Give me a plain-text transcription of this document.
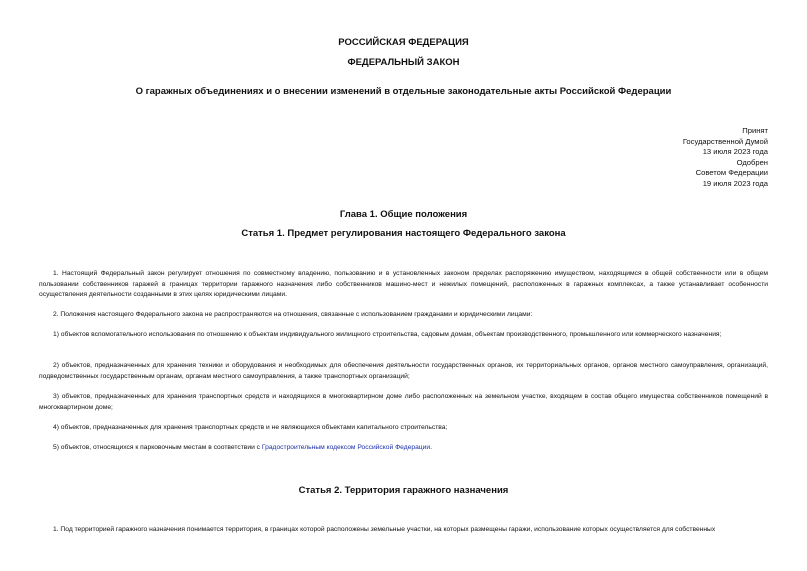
РОССИЙСКАЯ ФЕДЕРАЦИЯ
ФЕДЕРАЛЬНЫЙ ЗАКОН
О гаражных объединениях и о внесении изменений в отдельные законодательные акты Российской Федерации
Принят
Государственной Думой
13 июля 2023 года
Одобрен
Советом Федерации
19 июля 2023 года
Глава 1. Общие положения
Статья 1. Предмет регулирования настоящего Федерального закона
1. Настоящий Федеральный закон регулирует отношения по совместному владению, пользованию и в установленных законом пределах распоряжению имуществом, находящимся в общей собственности или в общем пользовании собственников гаражей в границах территории гаражного назначения либо собственников машино-мест и нежилых помещений, расположенных в гаражных комплексах, а также устанавливает особенности осуществления деятельности созданными в этих целях юридическими лицами.
2. Положения настоящего Федерального закона не распространяются на отношения, связанные с использованием гражданами и юридическими лицами:
1) объектов вспомогательного использования по отношению к объектам индивидуального жилищного строительства, садовым домам, объектам производственного, промышленного или коммерческого назначения;
2) объектов, предназначенных для хранения техники и оборудования и необходимых для обеспечения деятельности государственных органов, их территориальных органов, органов местного самоуправления, организаций, подведомственных государственным органам, органам местного самоуправления, а также транспортных организаций;
3) объектов, предназначенных для хранения транспортных средств и находящихся в многоквартирном доме либо расположенных на земельном участке, входящем в состав общего имущества собственников помещений в многоквартирном доме;
4) объектов, предназначенных для хранения транспортных средств и не являющихся объектами капитального строительства;
5) объектов, относящихся к парковочным местам в соответствии с Градостроительным кодексом Российской Федерации.
Статья 2. Территория гаражного назначения
1. Под территорией гаражного назначения понимается территория, в границах которой расположены земельные участки, на которых размещены гаражи, использование которых осуществляется для собственных
